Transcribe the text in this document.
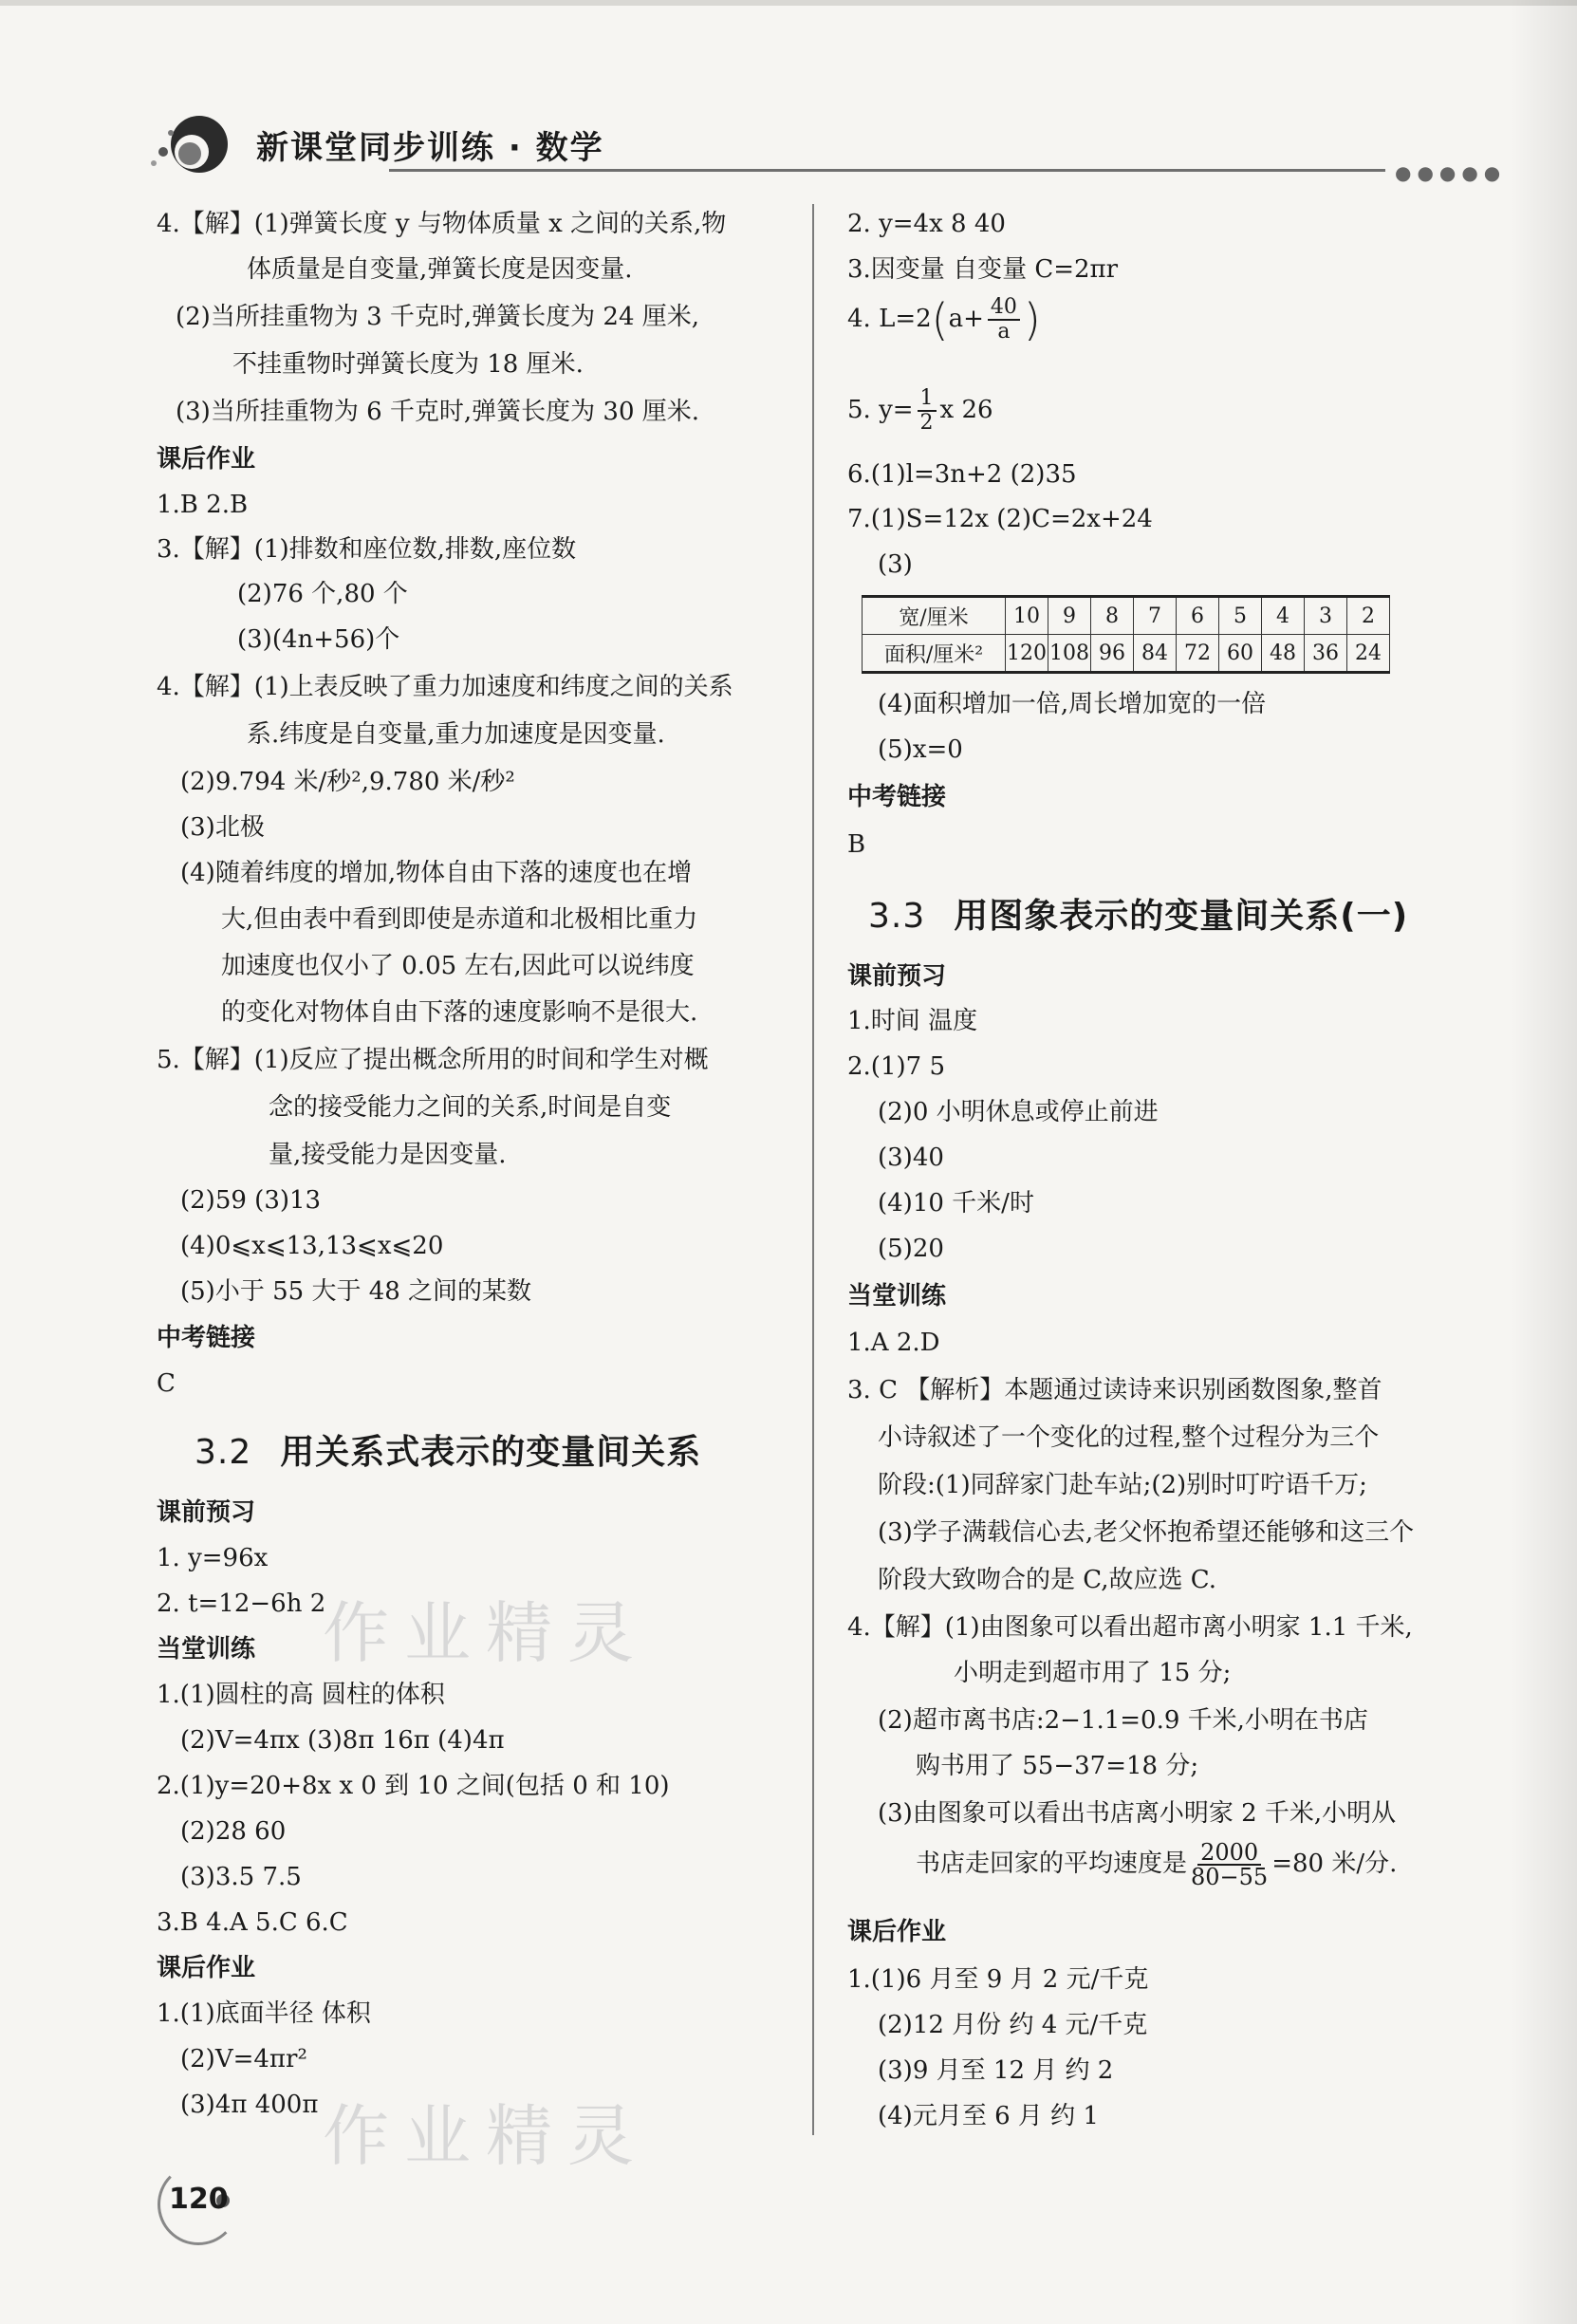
新课堂同步训练 · 数学
●●●●●
4.【解】(1)弹簧长度 y 与物体质量 x 之间的关系,物
体质量是自变量,弹簧长度是因变量.
(2)当所挂重物为 3 千克时,弹簧长度为 24 厘米,
不挂重物时弹簧长度为 18 厘米.
(3)当所挂重物为 6 千克时,弹簧长度为 30 厘米.
课后作业
1.B 2.B
3.【解】(1)排数和座位数,排数,座位数
(2)76 个,80 个
(3)(4n+56)个
4.【解】(1)上表反映了重力加速度和纬度之间的关系
系.纬度是自变量,重力加速度是因变量.
(2)9.794 米/秒²,9.780 米/秒²
(3)北极
(4)随着纬度的增加,物体自由下落的速度也在增
大,但由表中看到即使是赤道和北极相比重力
加速度也仅小了 0.05 左右,因此可以说纬度
的变化对物体自由下落的速度影响不是很大.
5.【解】(1)反应了提出概念所用的时间和学生对概
念的接受能力之间的关系,时间是自变
量,接受能力是因变量.
(2)59 (3)13
(4)0⩽x⩽13,13⩽x⩽20
(5)小于 55 大于 48 之间的某数
中考链接
C
课前预习
1. y=96x
2. t=12−6h 2
当堂训练
1.(1)圆柱的高 圆柱的体积
(2)V=4πx (3)8π 16π (4)4π
2.(1)y=20+8x x 0 到 10 之间(包括 0 和 10)
(2)28 60
(3)3.5 7.5
3.B 4.A 5.C 6.C
课后作业
1.(1)底面半径 体积
(2)V=4πr²
(3)4π 400π
2. y=4x 8 40
3.因变量 自变量 C=2πr
6.(1)l=3n+2 (2)35
7.(1)S=12x (2)C=2x+24
(3)
(4)面积增加一倍,周长增加宽的一倍
(5)x=0
中考链接
B
课前预习
1.时间 温度
2.(1)7 5
(2)0 小明休息或停止前进
(3)40
(4)10 千米/时
(5)20
当堂训练
1.A 2.D
3. C 【解析】本题通过读诗来识别函数图象,整首
小诗叙述了一个变化的过程,整个过程分为三个
阶段:(1)同辞家门赴车站;(2)别时叮咛语千万;
(3)学子满载信心去,老父怀抱希望还能够和这三个
阶段大致吻合的是 C,故应选 C.
4.【解】(1)由图象可以看出超市离小明家 1.1 千米,
小明走到超市用了 15 分;
(2)超市离书店:2−1.1=0.9 千米,小明在书店
购书用了 55−37=18 分;
(3)由图象可以看出书店离小明家 2 千米,小明从
课后作业
1.(1)6 月至 9 月 2 元/千克
(2)12 月份 约 4 元/千克
(3)9 月至 12 月 约 2
(4)元月至 6 月 约 1
3.2 用关系式表示的变量间关系
3.3 用图象表示的变量间关系(一)
4. $L=2(a+ \frac{40}{a}$ )
5. $y= \frac{1}{2}$ x 26
书店走回家的平均速度是 $\frac{2000}{80-55} =80$ 米/分.
宽/厘米	10	9	8	7	6	5	4	3	2
面积/厘米²	120	108	96	84	72	60	48	36	24
作业精灵
作业精灵
120
